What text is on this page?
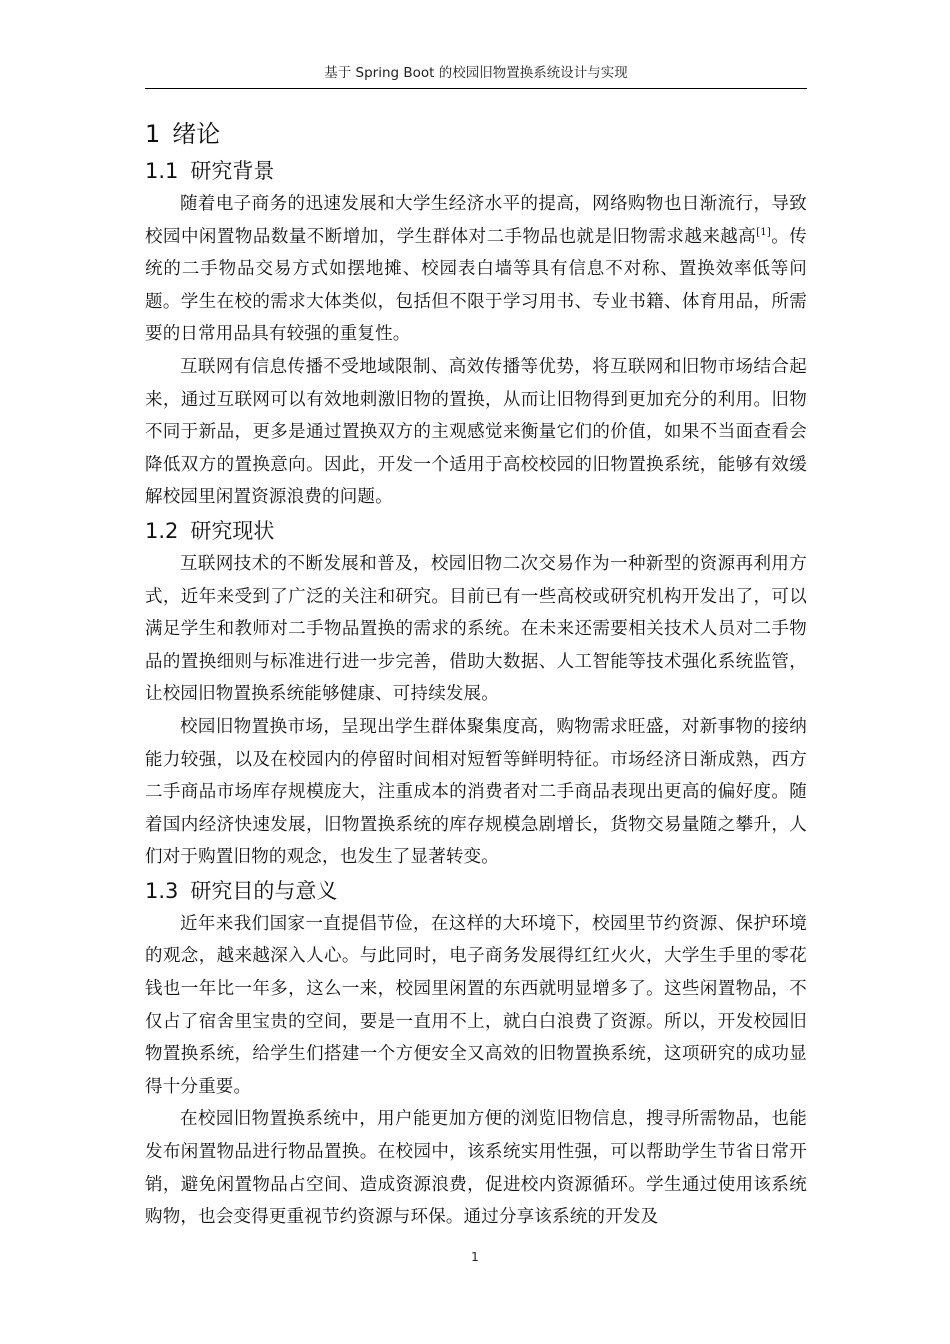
基于 Spring Boot 的校园旧物置换系统设计与实现
1 绪论
1.1 研究背景

随着电子商务的迅速发展和大学生经济水平的提高，网络购物也日渐流行，导致校园中闲置物品数量不断增加，学生群体对二手物品也就是旧物需求越来越高[1]。传统的二手物品交易方式如摆地摊、校园表白墙等具有信息不对称、置换效率低等问题。学生在校的需求大体类似，包括但不限于学习用书、专业书籍、体育用品，所需要的日常用品具有较强的重复性。

互联网有信息传播不受地域限制、高效传播等优势，将互联网和旧物市场结合起来，通过互联网可以有效地刺激旧物的置换，从而让旧物得到更加充分的利用。旧物不同于新品，更多是通过置换双方的主观感觉来衡量它们的价值，如果不当面查看会降低双方的置换意向。因此，开发一个适用于高校校园的旧物置换系统，能够有效缓解校园里闲置资源浪费的问题。

1.2 研究现状

互联网技术的不断发展和普及，校园旧物二次交易作为一种新型的资源再利用方式，近年来受到了广泛的关注和研究。目前已有一些高校或研究机构开发出了，可以满足学生和教师对二手物品置换的需求的系统。在未来还需要相关技术人员对二手物品的置换细则与标准进行进一步完善，借助大数据、人工智能等技术强化系统监管，让校园旧物置换系统能够健康、可持续发展。

校园旧物置换市场，呈现出学生群体聚集度高，购物需求旺盛，对新事物的接纳能力较强，以及在校园内的停留时间相对短暂等鲜明特征。市场经济日渐成熟，西方二手商品市场库存规模庞大，注重成本的消费者对二手商品表现出更高的偏好度。随着国内经济快速发展，旧物置换系统的库存规模急剧增长，货物交易量随之攀升，人们对于购置旧物的观念，也发生了显著转变。

1.3 研究目的与意义

近年来我们国家一直提倡节俭，在这样的大环境下，校园里节约资源、保护环境的观念，越来越深入人心。与此同时，电子商务发展得红红火火，大学生手里的零花钱也一年比一年多，这么一来，校园里闲置的东西就明显增多了。这些闲置物品，不仅占了宿舍里宝贵的空间，要是一直用不上，就白白浪费了资源。所以，开发校园旧物置换系统，给学生们搭建一个方便安全又高效的旧物置换系统，这项研究的成功显得十分重要。

在校园旧物置换系统中，用户能更加方便的浏览旧物信息，搜寻所需物品，也能发布闲置物品进行物品置换。在校园中，该系统实用性强，可以帮助学生节省日常开销，避免闲置物品占空间、造成资源浪费，促进校内资源循环。学生通过使用该系统购物，也会变得更重视节约资源与环保。通过分享该系统的开发及

1
